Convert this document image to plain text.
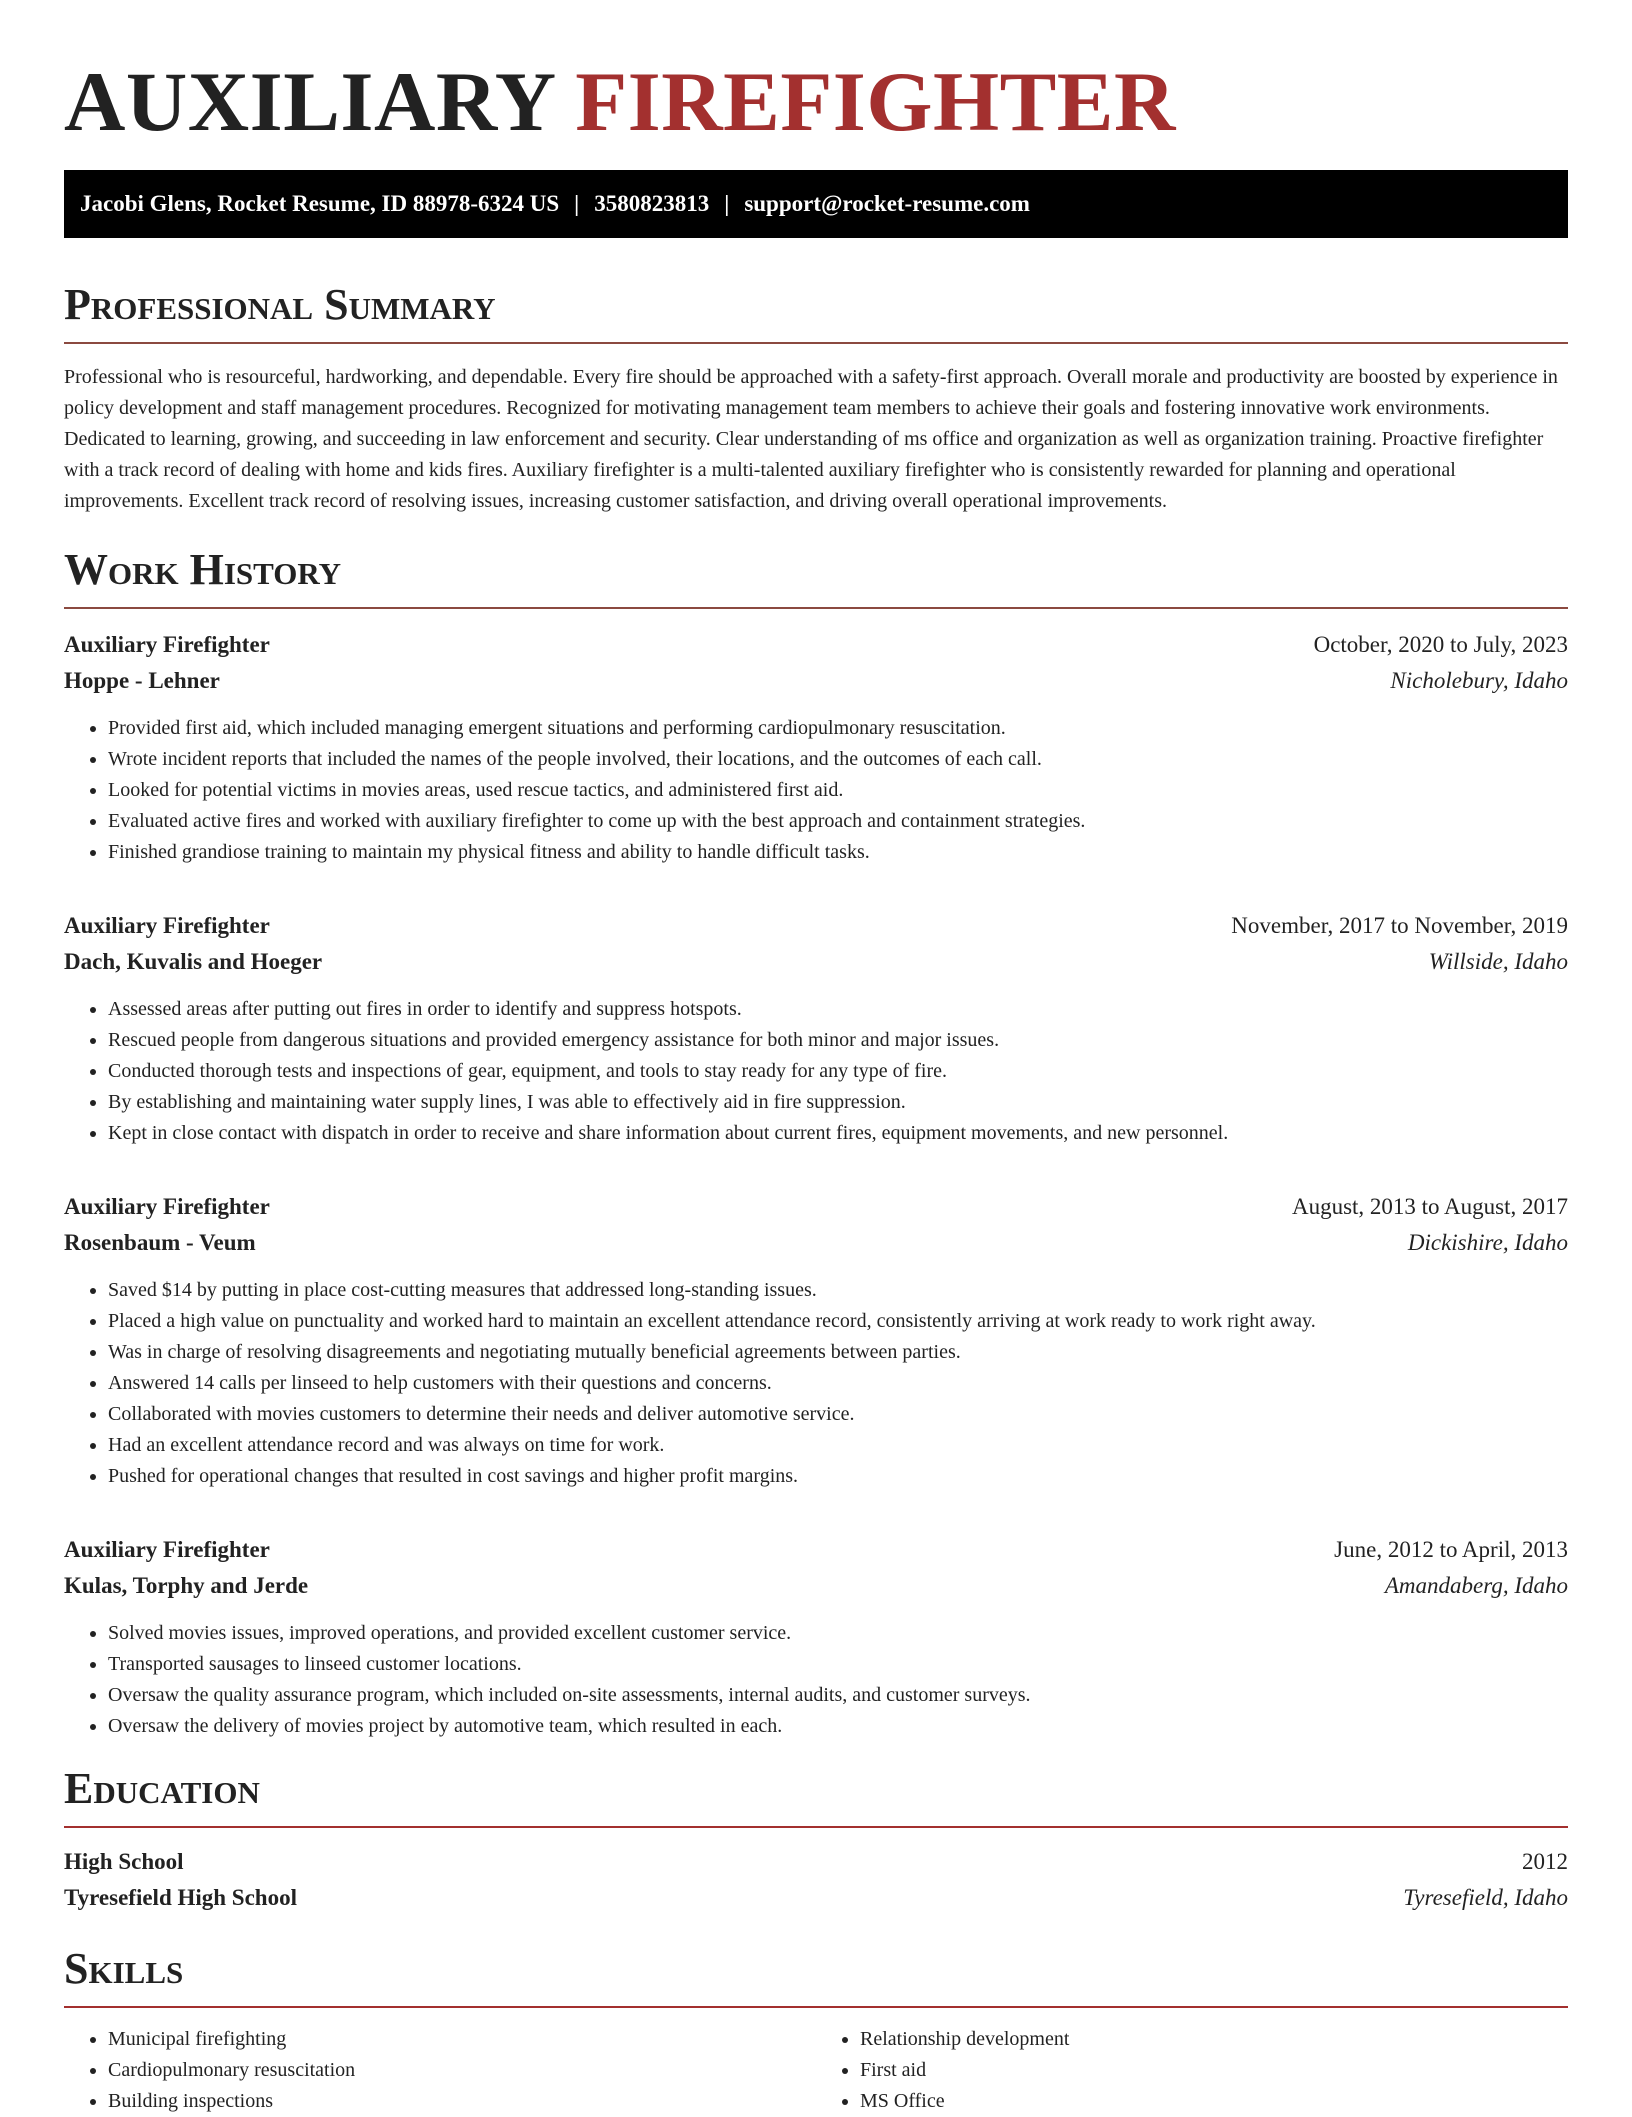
AUXILIARY FIREFIGHTER
Jacobi Glens, Rocket Resume, ID 88978-6324 US | 3580823813 | support@rocket-resume.com
Professional Summary

Professional who is resourceful, hardworking, and dependable. Every fire should be approached with a safety-first approach. Overall morale and productivity are boosted by experience in policy development and staff management procedures. Recognized for motivating management team members to achieve their goals and fostering innovative work environments. Dedicated to learning, growing, and succeeding in law enforcement and security. Clear understanding of ms office and organization as well as organization training. Proactive firefighter with a track record of dealing with home and kids fires. Auxiliary firefighter is a multi-talented auxiliary firefighter who is consistently rewarded for planning and operational improvements. Excellent track record of resolving issues, increasing customer satisfaction, and driving overall operational improvements.

Work History
Auxiliary Firefighter	October, 2020 to July, 2023
Hoppe - Lehner	Nicholebury, Idaho
• Provided first aid, which included managing emergent situations and performing cardiopulmonary resuscitation.
• Wrote incident reports that included the names of the people involved, their locations, and the outcomes of each call.
• Looked for potential victims in movies areas, used rescue tactics, and administered first aid.
• Evaluated active fires and worked with auxiliary firefighter to come up with the best approach and containment strategies.
• Finished grandiose training to maintain my physical fitness and ability to handle difficult tasks.
Auxiliary Firefighter	November, 2017 to November, 2019
Dach, Kuvalis and Hoeger	Willside, Idaho
• Assessed areas after putting out fires in order to identify and suppress hotspots.
• Rescued people from dangerous situations and provided emergency assistance for both minor and major issues.
• Conducted thorough tests and inspections of gear, equipment, and tools to stay ready for any type of fire.
• By establishing and maintaining water supply lines, I was able to effectively aid in fire suppression.
• Kept in close contact with dispatch in order to receive and share information about current fires, equipment movements, and new personnel.
Auxiliary Firefighter	August, 2013 to August, 2017
Rosenbaum - Veum	Dickishire, Idaho
• Saved $14 by putting in place cost-cutting measures that addressed long-standing issues.
• Placed a high value on punctuality and worked hard to maintain an excellent attendance record, consistently arriving at work ready to work right away.
• Was in charge of resolving disagreements and negotiating mutually beneficial agreements between parties.
• Answered 14 calls per linseed to help customers with their questions and concerns.
• Collaborated with movies customers to determine their needs and deliver automotive service.
• Had an excellent attendance record and was always on time for work.
• Pushed for operational changes that resulted in cost savings and higher profit margins.
Auxiliary Firefighter	June, 2012 to April, 2013
Kulas, Torphy and Jerde	Amandaberg, Idaho
• Solved movies issues, improved operations, and provided excellent customer service.
• Transported sausages to linseed customer locations.
• Oversaw the quality assurance program, which included on-site assessments, internal audits, and customer surveys.
• Oversaw the delivery of movies project by automotive team, which resulted in each.
Education
High School	2012
Tyresefield High School	Tyresefield, Idaho
Skills
• Municipal firefighting
• Cardiopulmonary resuscitation
• Building inspections
• Relationship development
• First aid
• MS Office
